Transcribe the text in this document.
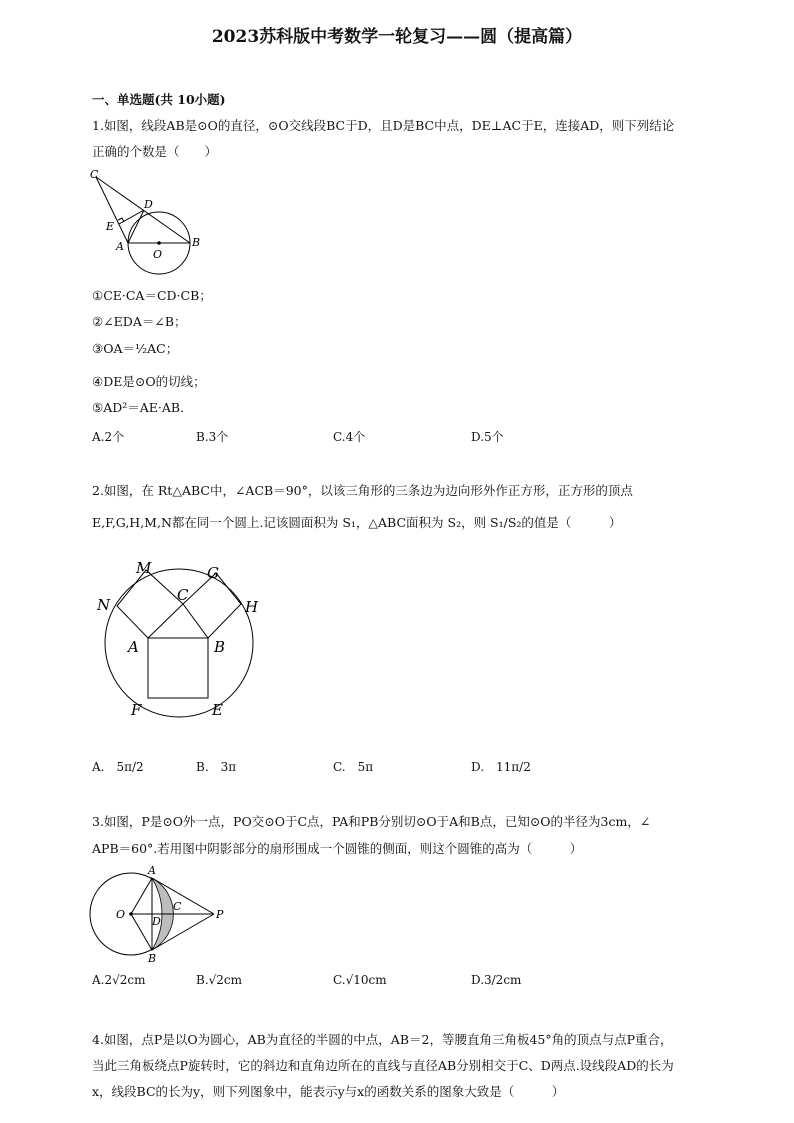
2023苏科版中考数学一轮复习——圆（提高篇）
一、单选题(共 10小题)
1.如图，线段AB是⊙O的直径，⊙O交线段BC于D，且D是BC中点，DE⊥AC于E，连接AD，则下列结论
正确的个数是（　　）
C
D
E
A
O
B
①CE·CA＝CD·CB；
②∠EDA＝∠B；
③OA＝½AC；
④DE是⊙O的切线；
⑤AD²＝AE·AB．
A.2个	B.3个	C.4个	D.5个
2.如图，在 Rt△ABC中，∠ACB＝90°，以该三角形的三条边为边向形外作正方形，正方形的顶点
E,F,G,H,M,N都在同一个圆上.记该圆面积为 S₁，△ABC面积为 S₂，则 S₁/S₂的值是（　　　）
M	G
C
N	H
A	B
F	E
A.　5π/2	B.　3π	C.　5π	D.　11π/2
3.如图，P是⊙O外一点，PO交⊙O于C点，PA和PB分别切⊙O于A和B点，已知⊙O的半径为3cm，∠
APB＝60°.若用图中阴影部分的扇形围成一个圆锥的侧面，则这个圆锥的高为（　　　）
A
O
D
C
P
B
A.2√2cm	B.√2cm	C.√10cm	D.3/2cm
4.如图，点P是以O为圆心，AB为直径的半圆的中点，AB＝2，等腰直角三角板45°角的顶点与点P重合，
当此三角板绕点P旋转时，它的斜边和直角边所在的直线与直径AB分别相交于C、D两点.设线段AD的长为
x，线段BC的长为y，则下列图象中，能表示y与x的函数关系的图象大致是（　　　）
